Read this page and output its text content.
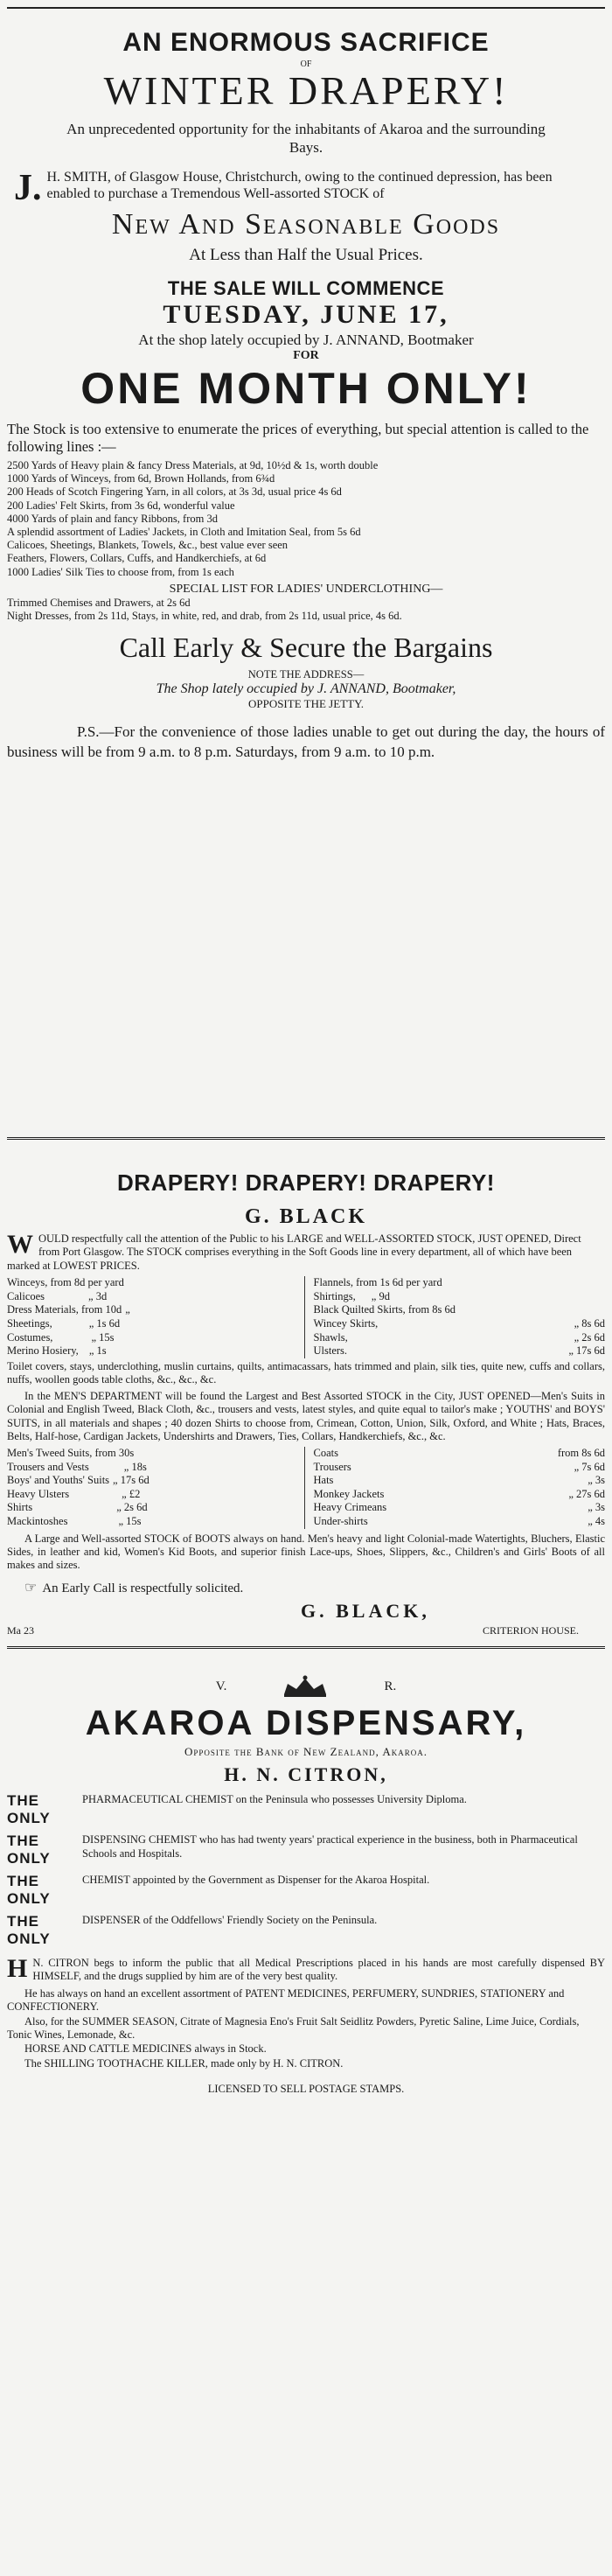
AN ENORMOUS SACRIFICE

OF

WINTER DRAPERY!

An unprecedented opportunity for the inhabitants of Akaroa and the surrounding Bays.

J. H. SMITH, of Glasgow House, Christchurch, owing to the continued depression, has been enabled to purchase a Tremendous Well-assorted STOCK of

New And Seasonable Goods

At Less than Half the Usual Prices.

THE SALE WILL COMMENCE

TUESDAY, JUNE 17,

At the shop lately occupied by J. ANNAND, Bootmaker

FOR

ONE MONTH ONLY!

The Stock is too extensive to enumerate the prices of everything, but special attention is called to the following lines :—

2500 Yards of Heavy plain & fancy Dress Materials, at 9d, 10½d & 1s, worth double

1000 Yards of Winceys, from 6d, Brown Hollands, from 6¾d

200 Heads of Scotch Fingering Yarn, in all colors, at 3s 3d, usual price 4s 6d

200 Ladies' Felt Skirts, from 3s 6d, wonderful value

4000 Yards of plain and fancy Ribbons, from 3d

A splendid assortment of Ladies' Jackets, in Cloth and Imitation Seal, from 5s 6d

Calicoes, Sheetings, Blankets, Towels, &c., best value ever seen

Feathers, Flowers, Collars, Cuffs, and Handkerchiefs, at 6d

1000 Ladies' Silk Ties to choose from, from 1s each

SPECIAL LIST FOR LADIES' UNDERCLOTHING—

Trimmed Chemises and Drawers, at 2s 6d

Night Dresses, from 2s 11d, Stays, in white, red, and drab, from 2s 11d, usual price, 4s 6d.

Call Early & Secure the Bargains

NOTE THE ADDRESS—

The Shop lately occupied by J. ANNAND, Bootmaker,

OPPOSITE THE JETTY.

P.S.—For the convenience of those ladies unable to get out during the day, the hours of business will be from 9 a.m. to 8 p.m. Saturdays, from 9 a.m. to 10 p.m.

DRAPERY! DRAPERY! DRAPERY!

G. BLACK

W OULD respectfully call the attention of the Public to his LARGE and WELL-ASSORTED STOCK, JUST OPENED, Direct from Port Glasgow. The STOCK comprises everything in the Soft Goods line in every department, all of which have been marked at LOWEST PRICES.
Winceys, from 8d per yard
Calicoes	„ 3d
Dress Materials, from 10d „
Sheetings,	„ 1s 6d
Costumes,	„ 15s
Merino Hosiery, „ 1s
Flannels, from 1s 6d per yard
Shirtings,	„ 9d
Black Quilted Skirts, from 8s 6d
Wincey Skirts,	„ 8s 6d
Shawls,	„ 2s 6d
Ulsters.	„ 17s 6d

Toilet covers, stays, underclothing, muslin curtains, quilts, antimacassars, hats trimmed and plain, silk ties, quite new, cuffs and collars, nuffs, woollen goods table cloths, &c., &c., &c.

In the MEN'S DEPARTMENT will be found the Largest and Best Assorted STOCK in the City, JUST OPENED—Men's Suits in Colonial and English Tweed, Black Cloth, &c., trousers and vests, latest styles, and quite equal to tailor's make ; YOUTHS' and BOYS' SUITS, in all materials and shapes ; 40 dozen Shirts to choose from, Crimean, Cotton, Union, Silk, Oxford, and White ; Hats, Braces, Belts, Half-hose, Cardigan Jackets, Undershirts and Drawers, Ties, Collars, Handkerchiefs, &c., &c.

Men's Tweed Suits, from 30s
Trousers and Vests	„ 18s
Boys' and Youths' Suits „ 17s 6d
Heavy Ulsters	„ £2
Shirts	„ 2s 6d
Mackintoshes	„ 15s
Coats	from 8s 6d
Trousers	„ 7s 6d
Hats	„ 3s
Monkey Jackets	„ 27s 6d
Heavy Crimeans	„ 3s
Under-shirts	„ 4s

A Large and Well-assorted STOCK of BOOTS always on hand. Men's heavy and light Colonial-made Watertights, Bluchers, Elastic Sides, in leather and kid, Women's Kid Boots, and superior finish Lace-ups, Shoes, Slippers, &c., Children's and Girls' Boots of all makes and sizes.

☞ An Early Call is respectfully solicited.

G. BLACK,

Ma 23	CRITERION HOUSE.
V.	R.

AKAROA DISPENSARY,

Opposite the Bank of New Zealand, Akaroa.

H. N. CITRON,

THE ONLY
PHARMACEUTICAL CHEMIST on the Peninsula who possesses University Diploma.
THE ONLY
DISPENSING CHEMIST who has had twenty years' practical experience in the business, both in Pharmaceutical Schools and Hospitals.
THE ONLY
CHEMIST appointed by the Government as Dispenser for the Akaroa Hospital.
THE ONLY
DISPENSER of the Oddfellows' Friendly Society on the Peninsula.
H N. CITRON begs to inform the public that all Medical Prescriptions placed in his hands are most carefully dispensed BY HIMSELF, and the drugs supplied by him are of the very best quality.

He has always on hand an excellent assortment of PATENT MEDICINES, PERFUMERY, SUNDRIES, STATIONERY and CONFECTIONERY.

Also, for the SUMMER SEASON, Citrate of Magnesia Eno's Fruit Salt Seidlitz Powders, Pyretic Saline, Lime Juice, Cordials, Tonic Wines, Lemonade, &c.

HORSE AND CATTLE MEDICINES always in Stock.

The SHILLING TOOTHACHE KILLER, made only by H. N. CITRON.

LICENSED TO SELL POSTAGE STAMPS.
